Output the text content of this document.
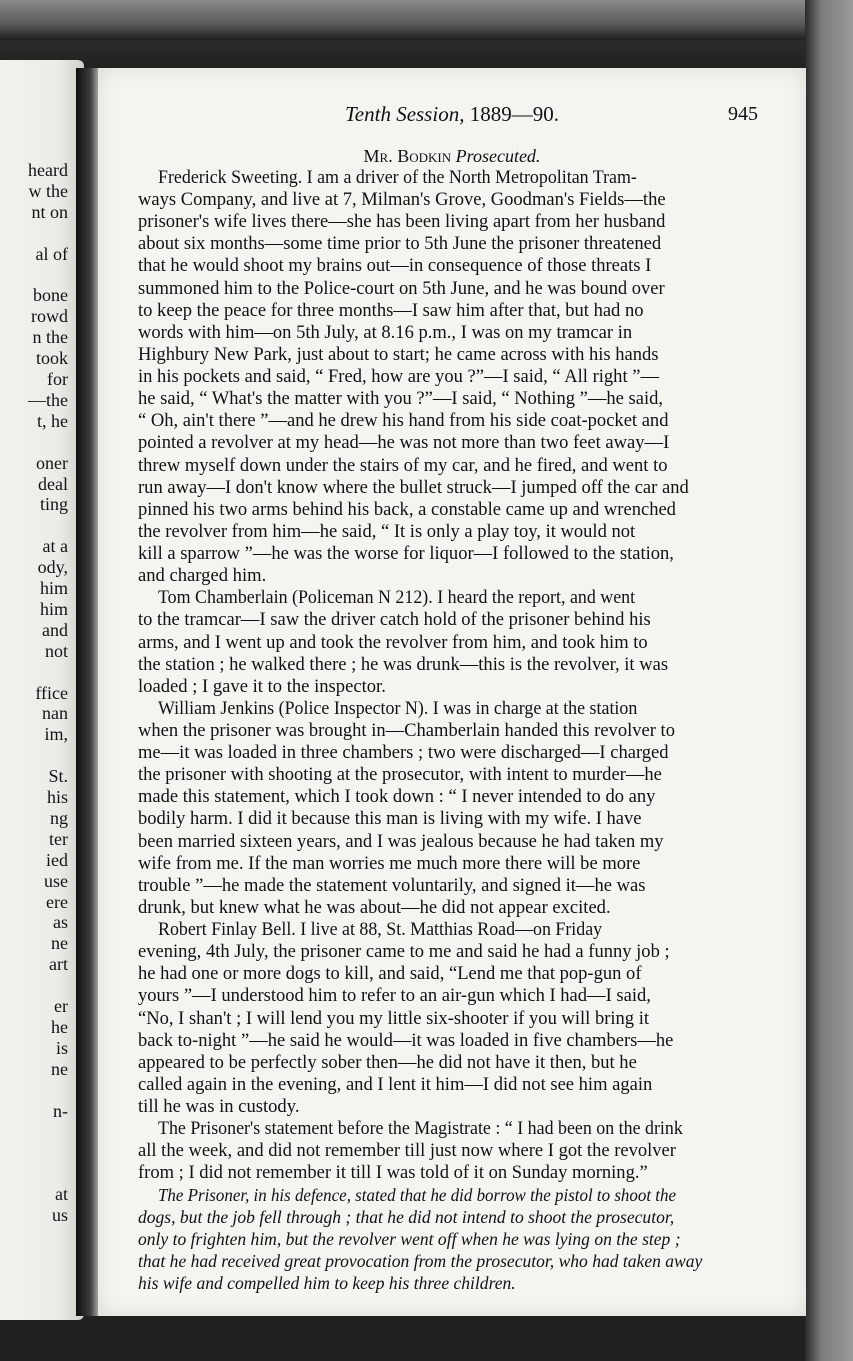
Tenth Session, 1889—90.	945
Mr. Bodkin Prosecuted.
heard
w the
nt on
al of
bone
rowd
n the
took
for
—the
t, he
oner
deal
ting
at a
ody,
him
him
and
not
ffice
nan
im,
St.
his
ng
ter
ied
use
ere
as
ne
art
er
he
is
ne
n-
at
us
Frederick Sweeting. I am a driver of the North Metropolitan Tram-
ways Company, and live at 7, Milman's Grove, Goodman's Fields—the
prisoner's wife lives there—she has been living apart from her husband
about six months—some time prior to 5th June the prisoner threatened
that he would shoot my brains out—in consequence of those threats I
summoned him to the Police-court on 5th June, and he was bound over
to keep the peace for three months—I saw him after that, but had no
words with him—on 5th July, at 8.16 p.m., I was on my tramcar in
Highbury New Park, just about to start; he came across with his hands
in his pockets and said, “ Fred, how are you ?”—I said, “ All right ”—
he said, “ What's the matter with you ?”—I said, “ Nothing ”—he said,
“ Oh, ain't there ”—and he drew his hand from his side coat-pocket and
pointed a revolver at my head—he was not more than two feet away—I
threw myself down under the stairs of my car, and he fired, and went to
run away—I don't know where the bullet struck—I jumped off the car and
pinned his two arms behind his back, a constable came up and wrenched
the revolver from him—he said, “ It is only a play toy, it would not
kill a sparrow ”—he was the worse for liquor—I followed to the station,
and charged him.
Tom Chamberlain (Policeman N 212). I heard the report, and went
to the tramcar—I saw the driver catch hold of the prisoner behind his
arms, and I went up and took the revolver from him, and took him to
the station ; he walked there ; he was drunk—this is the revolver, it was
loaded ; I gave it to the inspector.
William Jenkins (Police Inspector N). I was in charge at the station
when the prisoner was brought in—Chamberlain handed this revolver to
me—it was loaded in three chambers ; two were discharged—I charged
the prisoner with shooting at the prosecutor, with intent to murder—he
made this statement, which I took down : “ I never intended to do any
bodily harm. I did it because this man is living with my wife. I have
been married sixteen years, and I was jealous because he had taken my
wife from me. If the man worries me much more there will be more
trouble ”—he made the statement voluntarily, and signed it—he was
drunk, but knew what he was about—he did not appear excited.
Robert Finlay Bell. I live at 88, St. Matthias Road—on Friday
evening, 4th July, the prisoner came to me and said he had a funny job ;
he had one or more dogs to kill, and said, “Lend me that pop-gun of
yours ”—I understood him to refer to an air-gun which I had—I said,
“No, I shan't ; I will lend you my little six-shooter if you will bring it
back to-night ”—he said he would—it was loaded in five chambers—he
appeared to be perfectly sober then—he did not have it then, but he
called again in the evening, and I lent it him—I did not see him again
till he was in custody.
The Prisoner's statement before the Magistrate : “ I had been on the drink
all the week, and did not remember till just now where I got the revolver
from ; I did not remember it till I was told of it on Sunday morning.”
The Prisoner, in his defence, stated that he did borrow the pistol to shoot the
dogs, but the job fell through ; that he did not intend to shoot the prosecutor,
only to frighten him, but the revolver went off when he was lying on the step ;
that he had received great provocation from the prosecutor, who had taken away
his wife and compelled him to keep his three children.
